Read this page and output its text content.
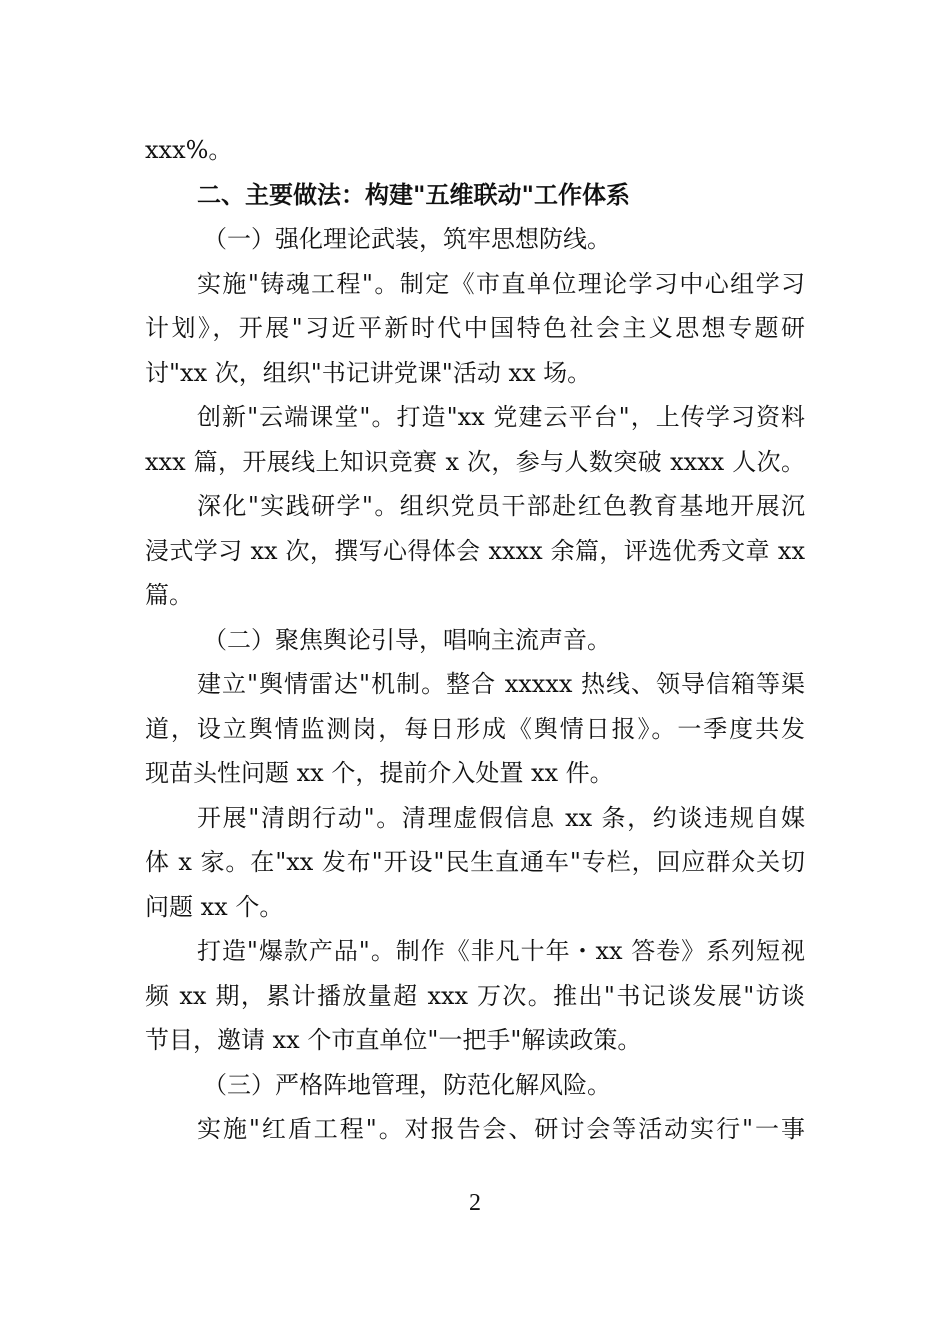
xxx%。
二、主要做法：构建"五维联动"工作体系
（一）强化理论武装，筑牢思想防线。
实施"铸魂工程"。制定《市直单位理论学习中心组学习
计划》，开展"习近平新时代中国特色社会主义思想专题研
讨"xx 次，组织"书记讲党课"活动 xx 场。
创新"云端课堂"。打造"xx 党建云平台"，上传学习资料
xxx 篇，开展线上知识竞赛 x 次，参与人数突破 xxxx 人次。
深化"实践研学"。组织党员干部赴红色教育基地开展沉
浸式学习 xx 次，撰写心得体会 xxxx 余篇，评选优秀文章 xx
篇。
（二）聚焦舆论引导，唱响主流声音。
建立"舆情雷达"机制。整合 xxxxx 热线、领导信箱等渠
道，设立舆情监测岗，每日形成《舆情日报》。一季度共发
现苗头性问题 xx 个，提前介入处置 xx 件。
开展"清朗行动"。清理虚假信息 xx 条，约谈违规自媒
体 x 家。在"xx 发布"开设"民生直通车"专栏，回应群众关切
问题 xx 个。
打造"爆款产品"。制作《非凡十年・xx 答卷》系列短视
频 xx 期，累计播放量超 xxx 万次。推出"书记谈发展"访谈
节目，邀请 xx 个市直单位"一把手"解读政策。
（三）严格阵地管理，防范化解风险。
实施"红盾工程"。对报告会、研讨会等活动实行"一事
2
